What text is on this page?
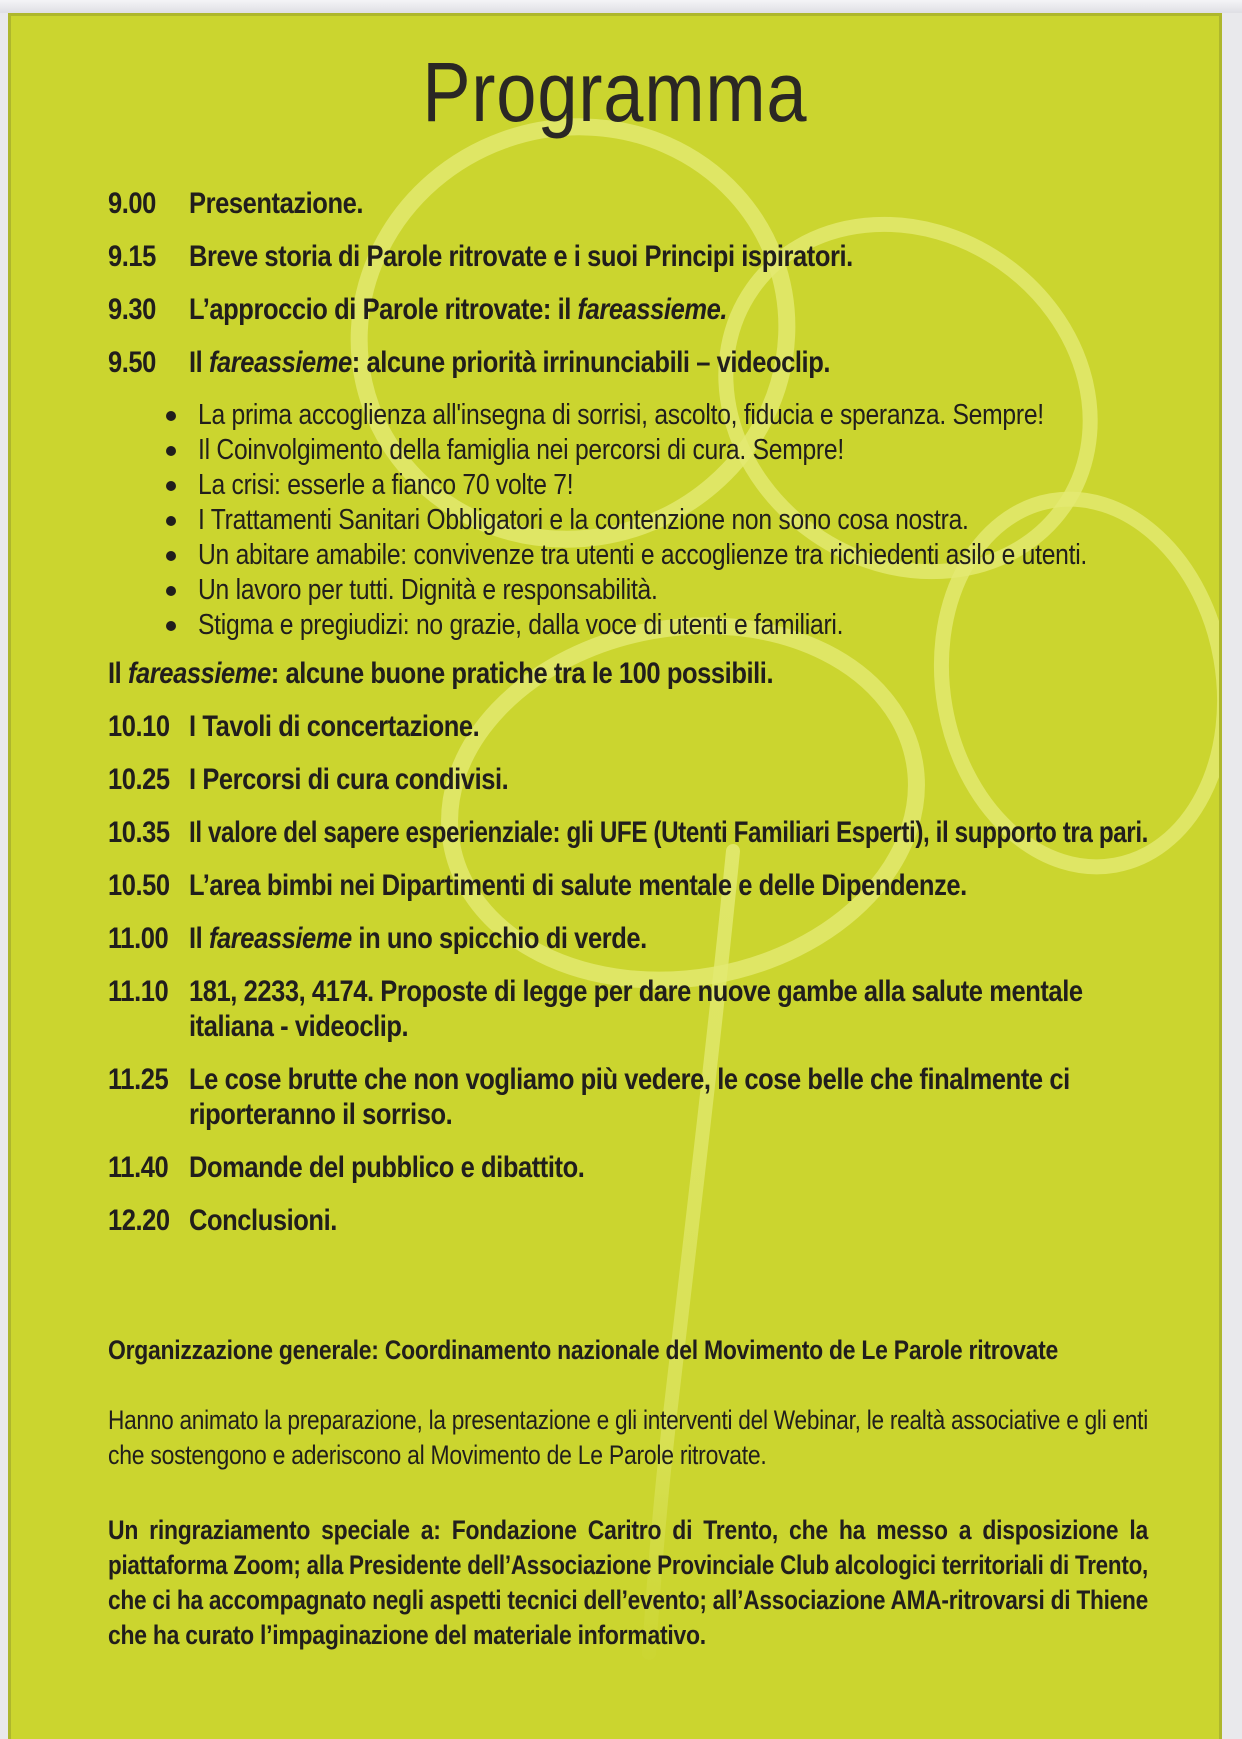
Programma
9.00	Presentazione.
9.15	Breve storia di Parole ritrovate e i suoi Principi ispiratori.
9.30	L’approccio di Parole ritrovate: il fareassieme.
9.50	Il fareassieme: alcune priorità irrinunciabili – videoclip.
La prima accoglienza all'insegna di sorrisi, ascolto, fiducia e speranza. Sempre!
Il Coinvolgimento della famiglia nei percorsi di cura. Sempre!
La crisi: esserle a fianco 70 volte 7!
I Trattamenti Sanitari Obbligatori e la contenzione non sono cosa nostra.
Un abitare amabile: convivenze tra utenti e accoglienze tra richiedenti asilo e utenti.
Un lavoro per tutti. Dignità e responsabilità.
Stigma e pregiudizi: no grazie, dalla voce di utenti e familiari.
Il fareassieme: alcune buone pratiche tra le 100 possibili.
10.10 I Tavoli di concertazione.
10.25 I Percorsi di cura condivisi.
10.35 Il valore del sapere esperienziale: gli UFE (Utenti Familiari Esperti), il supporto tra pari.
10.50 L’area bimbi nei Dipartimenti di salute mentale e delle Dipendenze.
11.00 Il fareassieme in uno spicchio di verde.
11.10 181, 2233, 4174. Proposte di legge per dare nuove gambe alla salute mentale
italiana - videoclip.
11.25 Le cose brutte che non vogliamo più vedere, le cose belle che finalmente ci
riporteranno il sorriso.
11.40 Domande del pubblico e dibattito.
12.20 Conclusioni.
Organizzazione generale: Coordinamento nazionale del Movimento de Le Parole ritrovate
Hanno animato la preparazione, la presentazione e gli interventi del Webinar, le realtà associative e gli enti
che sostengono e aderiscono al Movimento de Le Parole ritrovate.
Un ringraziamento speciale a: Fondazione Caritro di Trento, che ha messo a disposizione la
piattaforma Zoom; alla Presidente dell’Associazione Provinciale Club alcologici territoriali di Trento,
che ci ha accompagnato negli aspetti tecnici dell’evento; all’Associazione AMA-ritrovarsi di Thiene
che ha curato l’impaginazione del materiale informativo.
